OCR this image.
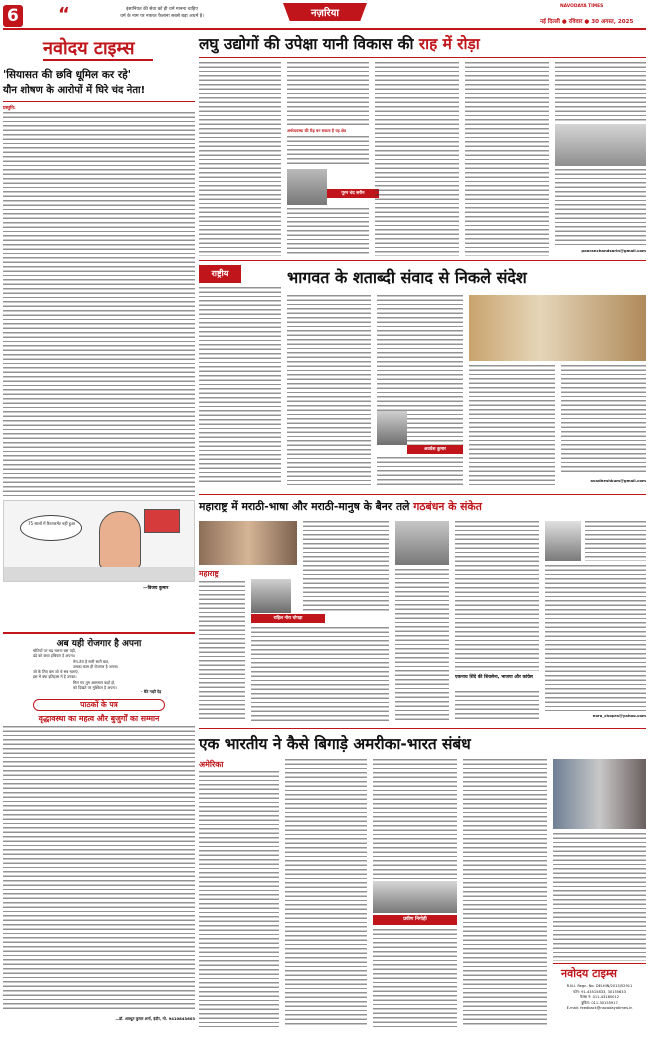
6 “	इंसानियत की सेवा को ही धर्म मानना चाहिए
धर्म के नाम पर नफरत फैलाना सबसे बड़ा अधर्म है।	नज़रिया
NAVODAYA TIMES
नई दिल्ली ● रविवार ● 30 अगस्त, 2025
नवोदय टाइम्स
'सियासत की छवि धूमिल कर रहे'
यौन शोषण के आरोपों में घिरे चंद नेता!
प्रस्तुति:
75 सालों में रिटायरमेंट नहीं हुआ
—विजय कुमार
अब यही रोजगार है अपना
चोटियों पर चढ़ चलना बस यही,
डंडे को कंधा हथियार है अपना।
मेरा-तेरा है सारी सारी बात,
उसका काम ही रोजगार है अपना।
जो के लिए बस जो थे सब चलाएं,
इस में क्या इतिहास में है उनका।
मिल गए तुम आसमान कहाँ हो,
को दिखते पर मुश्किल है अपना।
- बैठे नाहीं पेड़
पाठकों के पत्र
वृद्धावस्था का महत्व और बुजुर्गों का सम्मान
—डॉ. अवधूत कुमार शर्मा, इंदौर, मो. 9410843603
लघु उद्योगों की उपेक्षा यानी विकास की राह में रोड़ा
अर्थव्यवस्था की रीढ़ बन सकता है यह क्षेत्र
पूरन चंद सरीन
pooranchandsarin@gmail.com
राष्ट्रीय	भागवत के शताब्दी संवाद से निकले संदेश
अवधेश कुमार
avadheshkum@gmail.com
महाराष्ट्र में मराठी-भाषा और मराठी-मानुष के बैनर तले गठबंधन के संकेत
महाराष्ट्र
राहिल नोरा चोपड़ा
एकनाथ शिंदे की शिवसेना, भाजपा और कांग्रेस
nora_chopra@yahoo.com
एक भारतीय ने कैसे बिगाड़े अमरीका-भारत संबंध
अमेरिका
प्रवीण निगोही
नवोदय टाइम्स
R.N.I. Regn. No. DELHIN/2013/52911
फोन: 91-43515833, 30155633
फैक्स नं: 011-43180012
बुकिंग: 011-30155917
E-mail: feedback@navodayatimes.in
